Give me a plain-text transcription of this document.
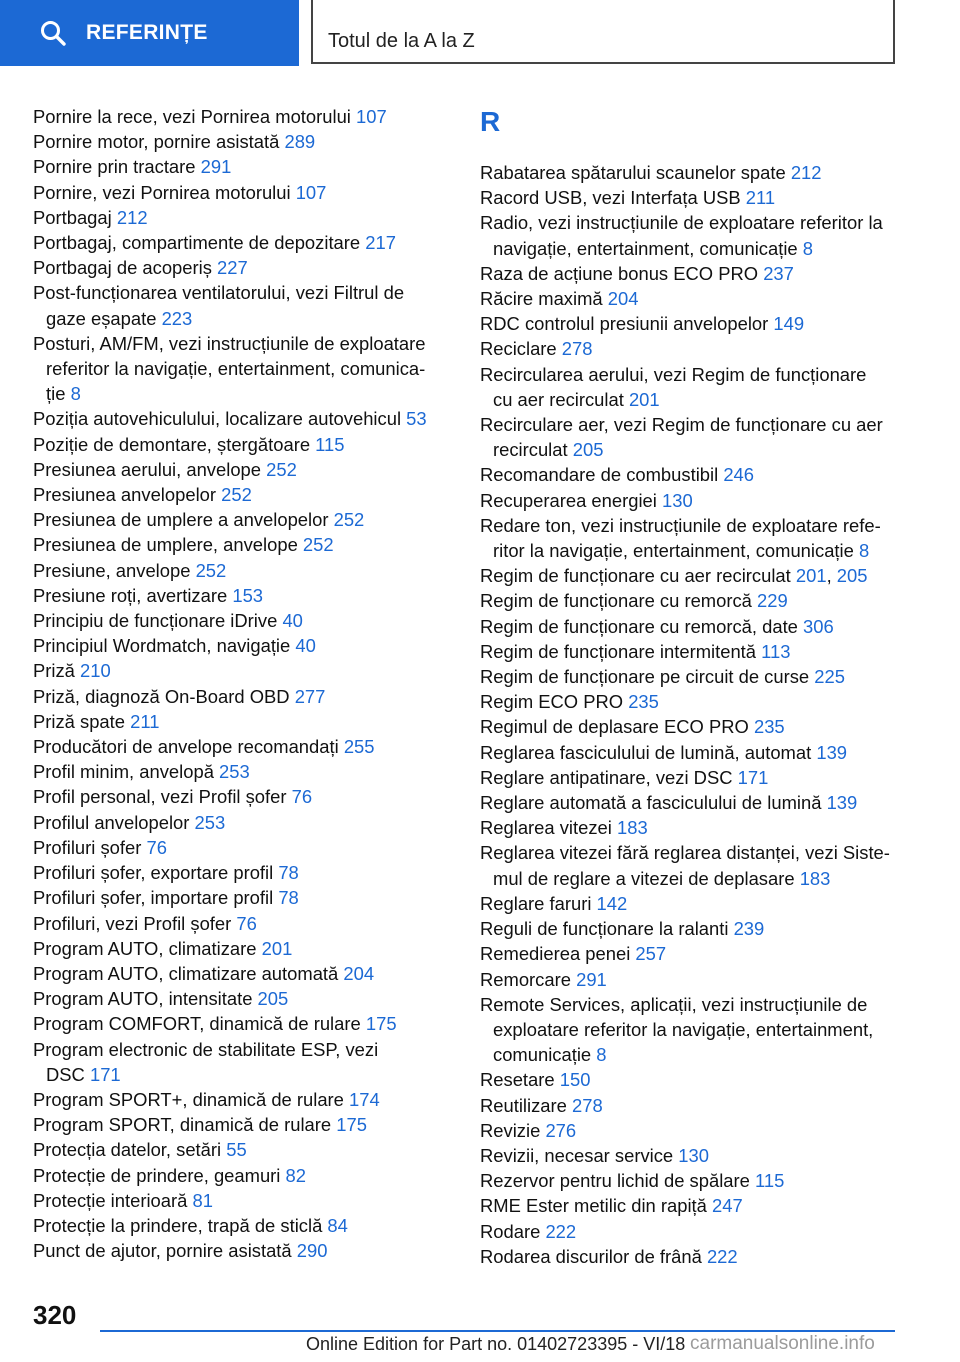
REFERINȚE	Totul de la A la Z
Pornire la rece, vezi Pornirea motorului 107
Pornire motor, pornire asistată 289
Pornire prin tractare 291
Pornire, vezi Pornirea motorului 107
Portbagaj 212
Portbagaj, compartimente de depozitare 217
Portbagaj de acoperiș 227
Post-funcționarea ventilatorului, vezi Filtrul de
gaze eșapate 223
Posturi, AM/FM, vezi instrucțiunile de exploatare
referitor la navigație, entertainment, comunica‐
ție 8
Poziția autovehiculului, localizare autovehicul 53
Poziție de demontare, ștergătoare 115
Presiunea aerului, anvelope 252
Presiunea anvelopelor 252
Presiunea de umplere a anvelopelor 252
Presiunea de umplere, anvelope 252
Presiune, anvelope 252
Presiune roți, avertizare 153
Principiu de funcționare iDrive 40
Principiul Wordmatch, navigație 40
Priză 210
Priză, diagnoză On-Board OBD 277
Priză spate 211
Producători de anvelope recomandați 255
Profil minim, anvelopă 253
Profil personal, vezi Profil șofer 76
Profilul anvelopelor 253
Profiluri șofer 76
Profiluri șofer, exportare profil 78
Profiluri șofer, importare profil 78
Profiluri, vezi Profil șofer 76
Program AUTO, climatizare 201
Program AUTO, climatizare automată 204
Program AUTO, intensitate 205
Program COMFORT, dinamică de rulare 175
Program electronic de stabilitate ESP, vezi
DSC 171
Program SPORT+, dinamică de rulare 174
Program SPORT, dinamică de rulare 175
Protecția datelor, setări 55
Protecție de prindere, geamuri 82
Protecție interioară 81
Protecție la prindere, trapă de sticlă 84
Punct de ajutor, pornire asistată 290
R
Rabatarea spătarului scaunelor spate 212
Racord USB, vezi Interfața USB 211
Radio, vezi instrucțiunile de exploatare referitor la
navigație, entertainment, comunicație 8
Raza de acțiune bonus ECO PRO 237
Răcire maximă 204
RDC controlul presiunii anvelopelor 149
Reciclare 278
Recircularea aerului, vezi Regim de funcționare
cu aer recirculat 201
Recirculare aer, vezi Regim de funcționare cu aer
recirculat 205
Recomandare de combustibil 246
Recuperarea energiei 130
Redare ton, vezi instrucțiunile de exploatare refe‐
ritor la navigație, entertainment, comunicație 8
Regim de funcționare cu aer recirculat 201, 205
Regim de funcționare cu remorcă 229
Regim de funcționare cu remorcă, date 306
Regim de funcționare intermitentă 113
Regim de funcționare pe circuit de curse 225
Regim ECO PRO 235
Regimul de deplasare ECO PRO 235
Reglarea fasciculului de lumină, automat 139
Reglare antipatinare, vezi DSC 171
Reglare automată a fasciculului de lumină 139
Reglarea vitezei 183
Reglarea vitezei fără reglarea distanței, vezi Siste‐
mul de reglare a vitezei de deplasare 183
Reglare faruri 142
Reguli de funcționare la ralanti 239
Remedierea penei 257
Remorcare 291
Remote Services, aplicații, vezi instrucțiunile de
exploatare referitor la navigație, entertainment,
comunicație 8
Resetare 150
Reutilizare 278
Revizie 276
Revizii, necesar service 130
Rezervor pentru lichid de spălare 115
RME Ester metilic din rapiță 247
Rodare 222
Rodarea discurilor de frână 222
320
Online Edition for Part no. 01402723395 - VI/18 carmanualsonline.info
